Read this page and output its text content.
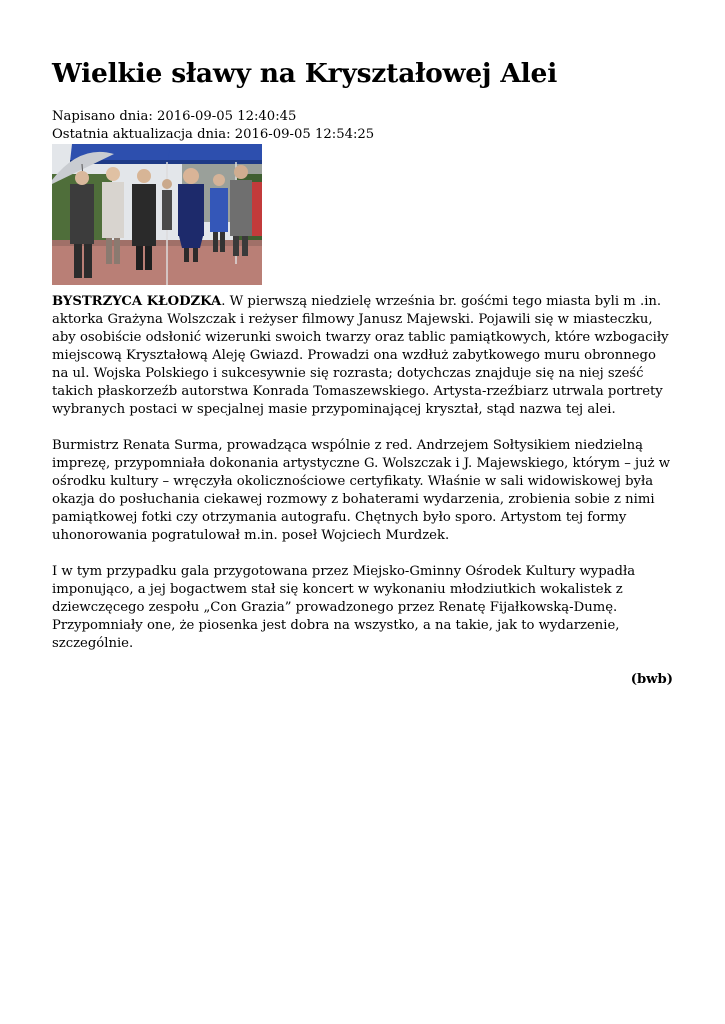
Wielkie sławy na Kryształowej Alei
Napisano dnia: 2016-09-05 12:40:45
Ostatnia aktualizacja dnia: 2016-09-05 12:54:25

BYSTRZYCA KŁODZKA. W pierwszą niedzielę września br. gośćmi tego miasta byli m .in. aktorka Grażyna Wolszczak i reżyser filmowy Janusz Majewski. Pojawili się w miasteczku, aby osobiście odsłonić wizerunki swoich twarzy oraz tablic pamiątkowych, które wzbogaciły miejscową Kryształową Aleję Gwiazd. Prowadzi ona wzdłuż zabytkowego muru obronnego na ul. Wojska Polskiego i sukcesywnie się rozrasta; dotychczas znajduje się na niej sześć takich płaskorzeźb autorstwa Konrada Tomaszewskiego. Artysta-rzeźbiarz utrwala portrety wybranych postaci w specjalnej masie przypominającej kryształ, stąd nazwa tej alei.

Burmistrz Renata Surma, prowadząca wspólnie z red. Andrzejem Sołtysikiem niedzielną imprezę, przypomniała dokonania artystyczne G. Wolszczak i J. Majewskiego, którym – już w ośrodku kultury – wręczyła okolicznościowe certyfikaty. Właśnie w sali widowiskowej była okazja do posłuchania ciekawej rozmowy z bohaterami wydarzenia, zrobienia sobie z nimi pamiątkowej fotki czy otrzymania autografu. Chętnych było sporo. Artystom tej formy uhonorowania pogratulował m.in. poseł Wojciech Murdzek.

I w tym przypadku gala przygotowana przez Miejsko-Gminny Ośrodek Kultury wypadła imponująco, a jej bogactwem stał się koncert w wykonaniu młodziutkich wokalistek z dziewczęcego zespołu „Con Grazia” prowadzonego przez Renatę Fijałkowską-Dumę. Przypomniały one, że piosenka jest dobra na wszystko, a na takie, jak to wydarzenie, szczególnie.

(bwb)
